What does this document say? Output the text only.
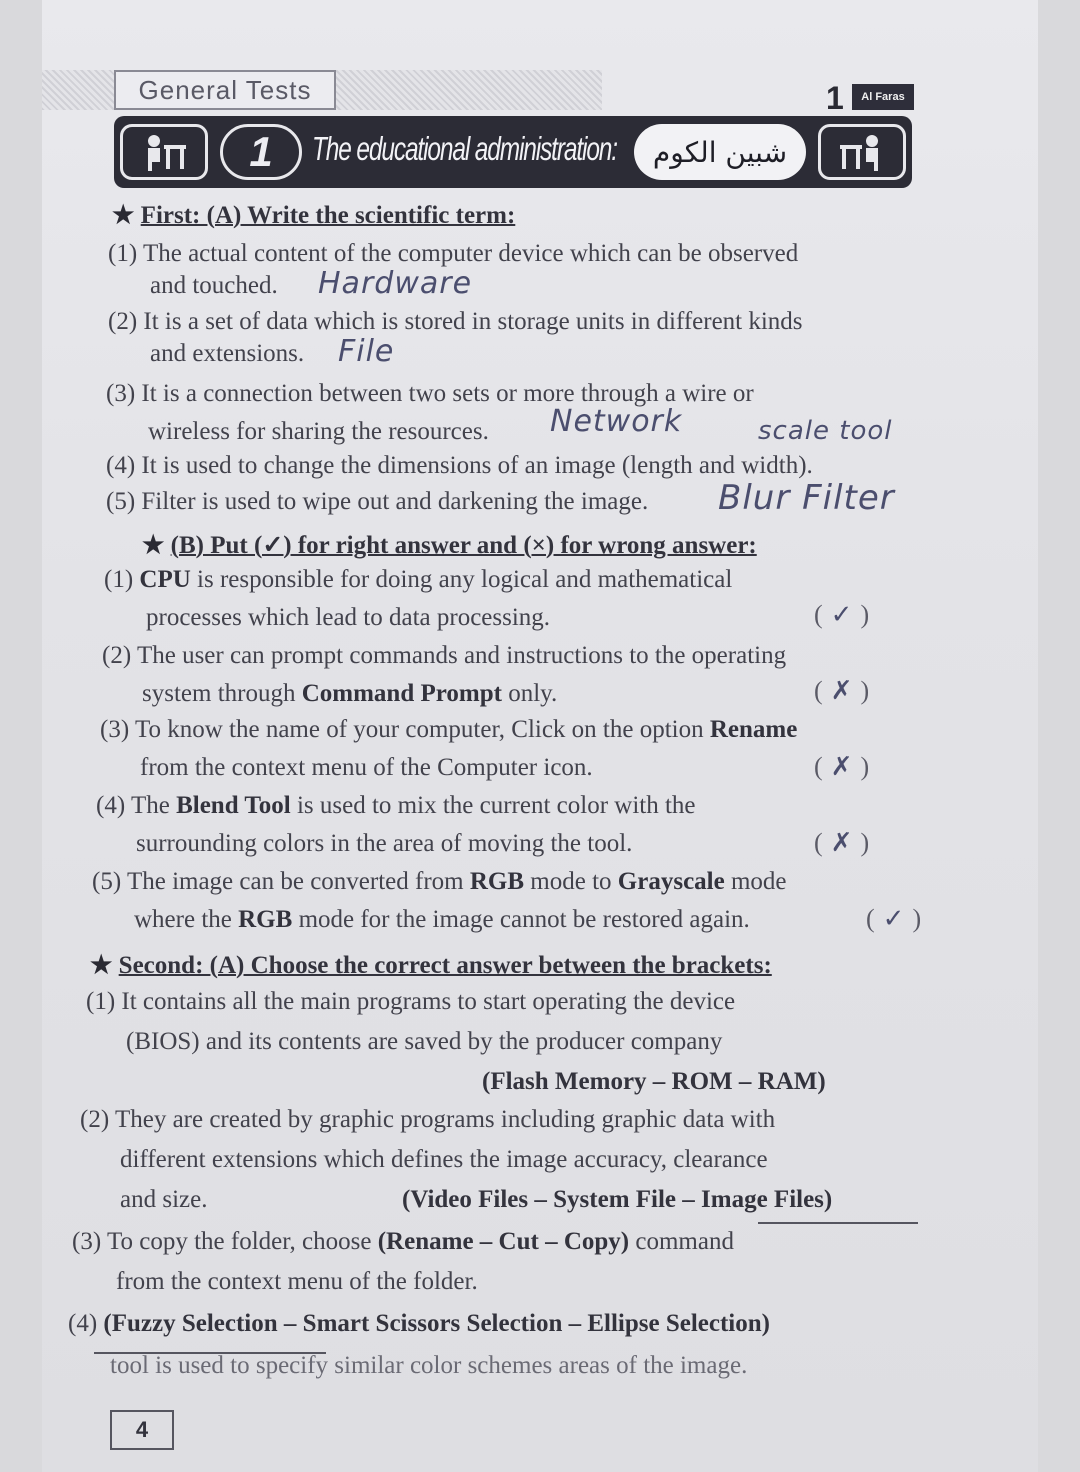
General Tests	1	Al Faras
1	The educational administration:	شبين الكوم
★ First: (A) Write the scientific term:
(1) The actual content of the computer device which can be observed
and touched. Hardware
(2) It is a set of data which is stored in storage units in different kinds
and extensions. File
(3) It is a connection between two sets or more through a wire or
wireless for sharing the resources. Network	scale tool
(4) It is used to change the dimensions of an image (length and width).
(5) Filter is used to wipe out and darkening the image. Blur Filter
★ (B) Put (✓) for right answer and (×) for wrong answer:
(1) CPU is responsible for doing any logical and mathematical
processes which lead to data processing.	( ✓ )
(2) The user can prompt commands and instructions to the operating
system through Command Prompt only.	( ✗ )
(3) To know the name of your computer, Click on the option Rename
from the context menu of the Computer icon.	( ✗ )
(4) The Blend Tool is used to mix the current color with the
surrounding colors in the area of moving the tool.	( ✗ )
(5) The image can be converted from RGB mode to Grayscale mode
where the RGB mode for the image cannot be restored again.	( ✓ )
★ Second: (A) Choose the correct answer between the brackets:
(1) It contains all the main programs to start operating the device
(BIOS) and its contents are saved by the producer company
(Flash Memory – ROM – RAM)
(2) They are created by graphic programs including graphic data with
different extensions which defines the image accuracy, clearance
and size.	(Video Files – System File – Image Files)
(3) To copy the folder, choose (Rename – Cut – Copy) command
from the context menu of the folder.
(4) (Fuzzy Selection – Smart Scissors Selection – Ellipse Selection)
tool is used to specify similar color schemes areas of the image.
4
